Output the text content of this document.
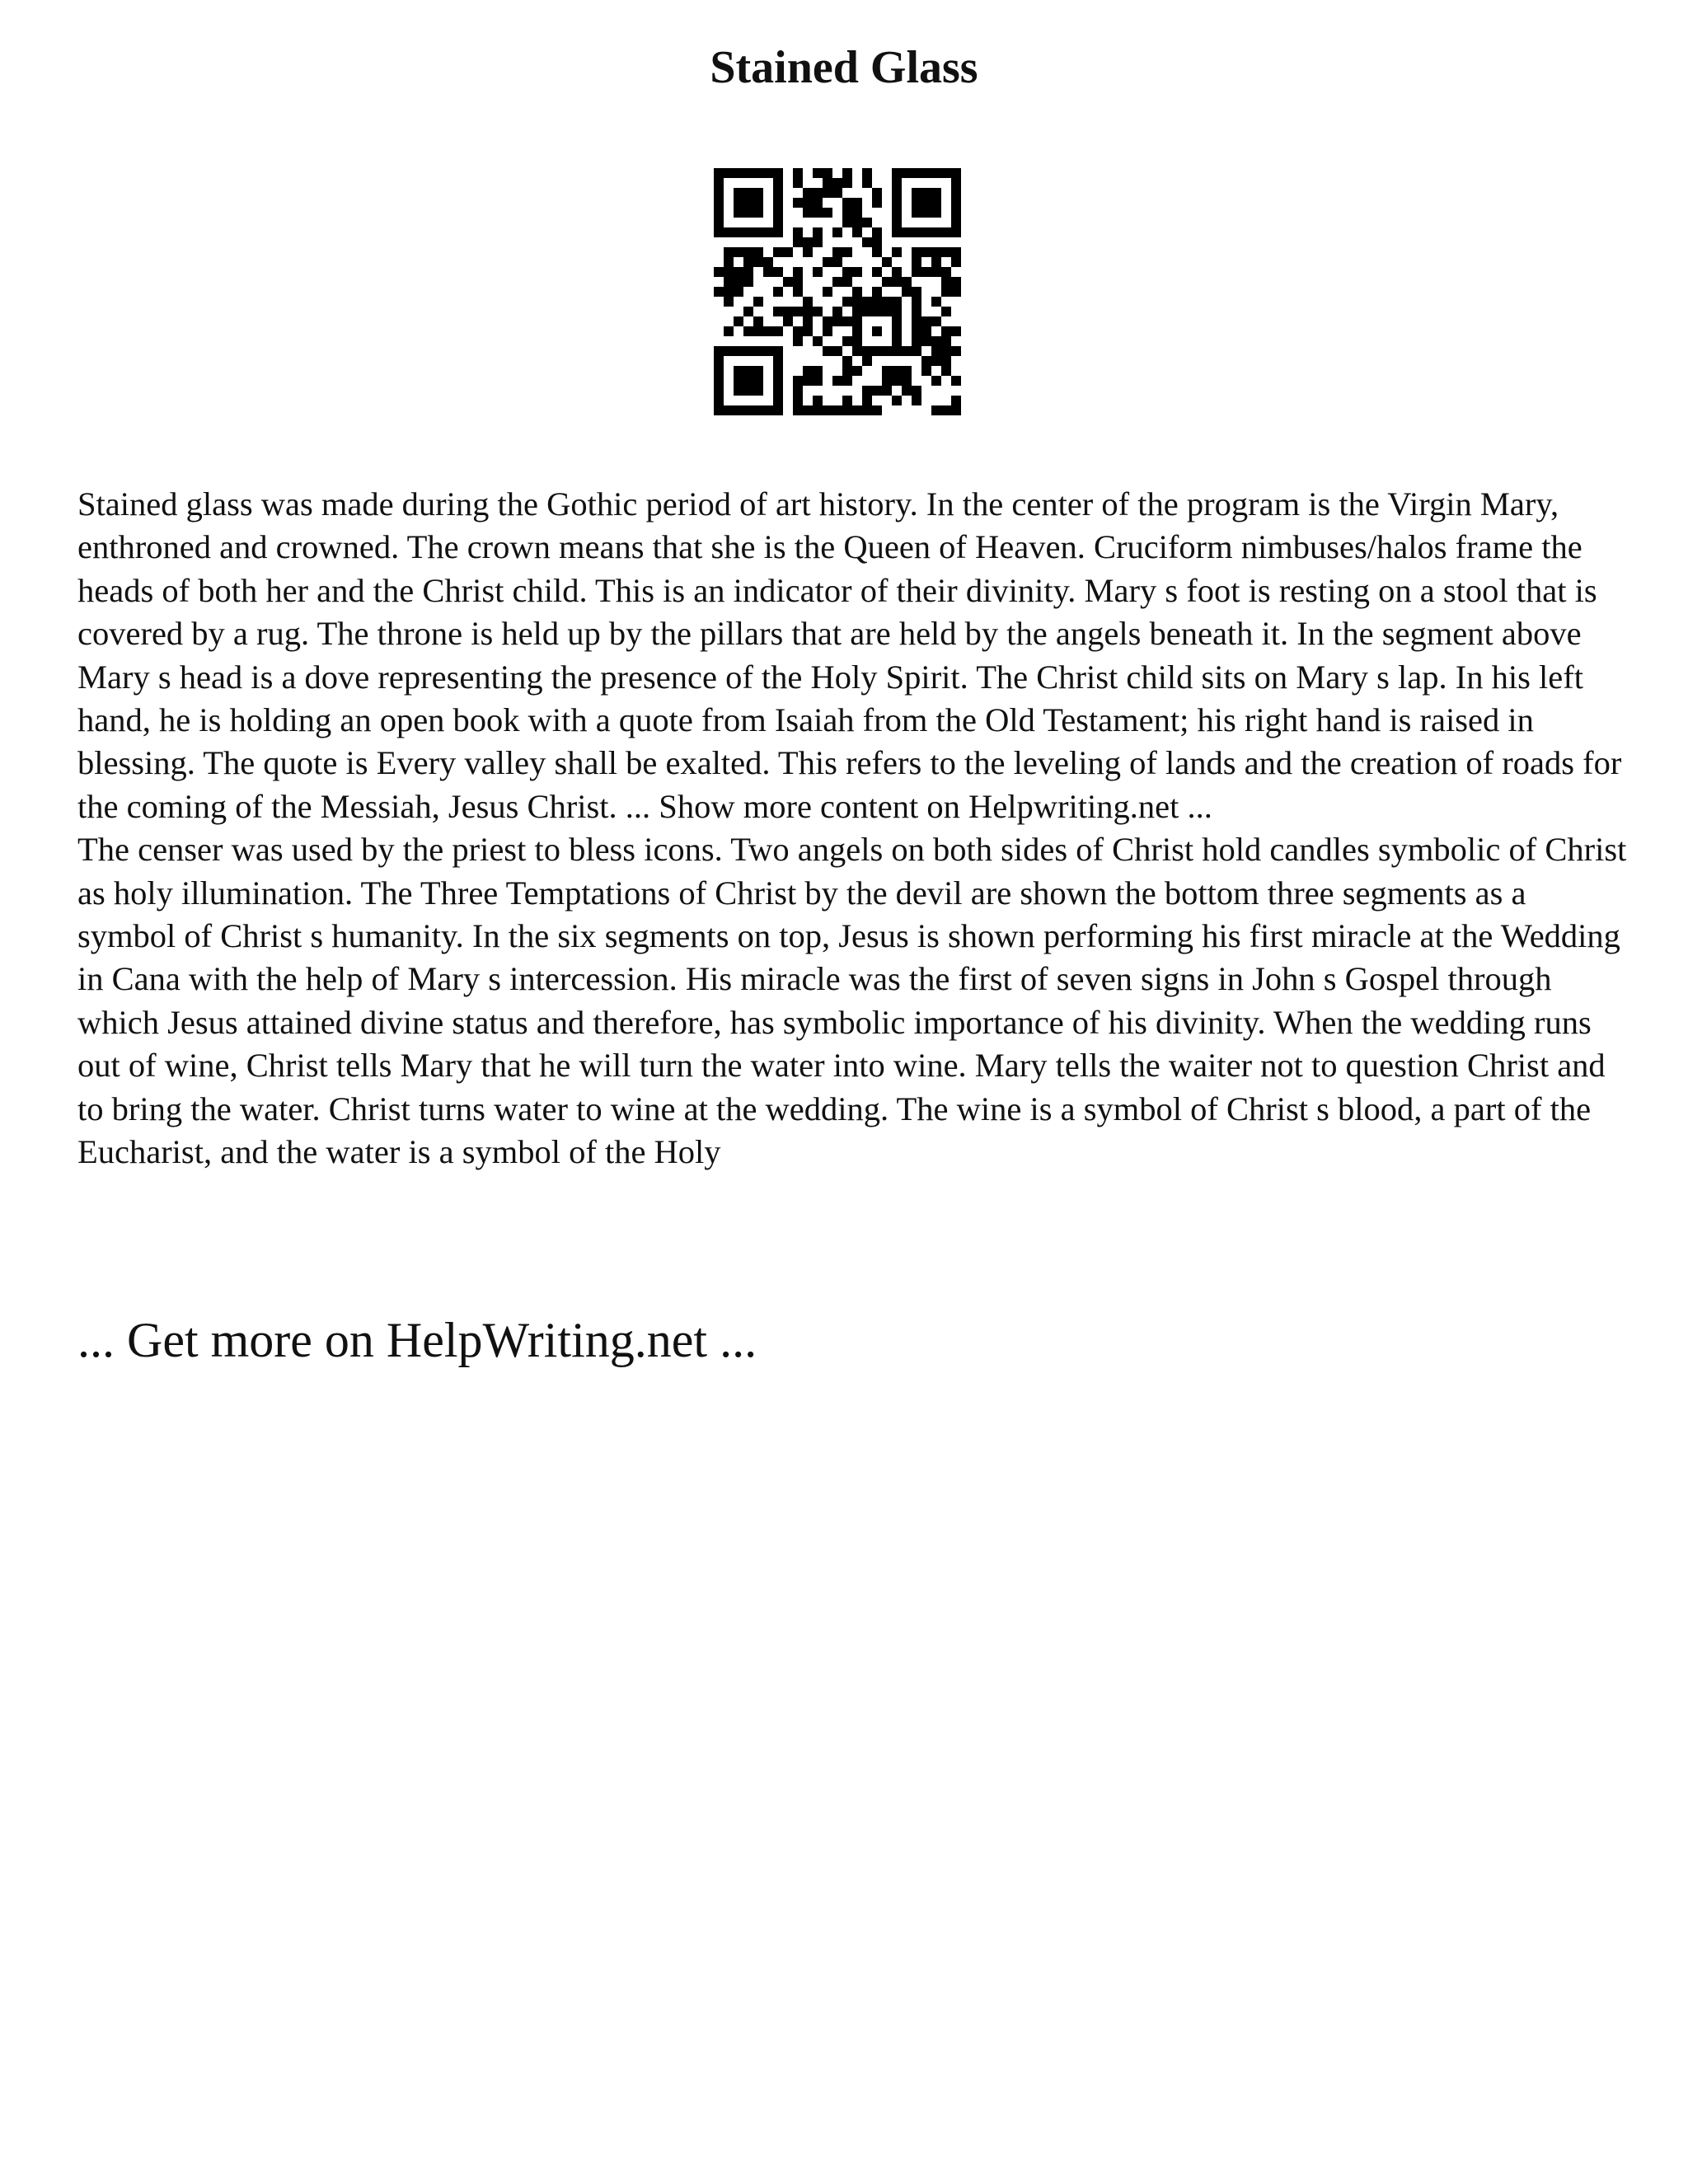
Stained Glass

Stained glass was made during the Gothic period of art history. In the center of the program is the Virgin Mary, enthroned and crowned. The crown means that she is the Queen of Heaven. Cruciform nimbuses/halos frame the heads of both her and the Christ child. This is an indicator of their divinity. Mary s foot is resting on a stool that is covered by a rug. The throne is held up by the pillars that are held by the angels beneath it. In the segment above Mary s head is a dove representing the presence of the Holy Spirit. The Christ child sits on Mary s lap. In his left hand, he is holding an open book with a quote from Isaiah from the Old Testament; his right hand is raised in blessing. The quote is Every valley shall be exalted. This refers to the leveling of lands and the creation of roads for the coming of the Messiah, Jesus Christ. ... Show more content on Helpwriting.net ...

The censer was used by the priest to bless icons. Two angels on both sides of Christ hold candles symbolic of Christ as holy illumination. The Three Temptations of Christ by the devil are shown the bottom three segments as a symbol of Christ s humanity. In the six segments on top, Jesus is shown performing his first miracle at the Wedding in Cana with the help of Mary s intercession. His miracle was the first of seven signs in John s Gospel through which Jesus attained divine status and therefore, has symbolic importance of his divinity. When the wedding runs out of wine, Christ tells Mary that he will turn the water into wine. Mary tells the waiter not to question Christ and to bring the water. Christ turns water to wine at the wedding. The wine is a symbol of Christ s blood, a part of the Eucharist, and the water is a symbol of the Holy

... Get more on HelpWriting.net ...
